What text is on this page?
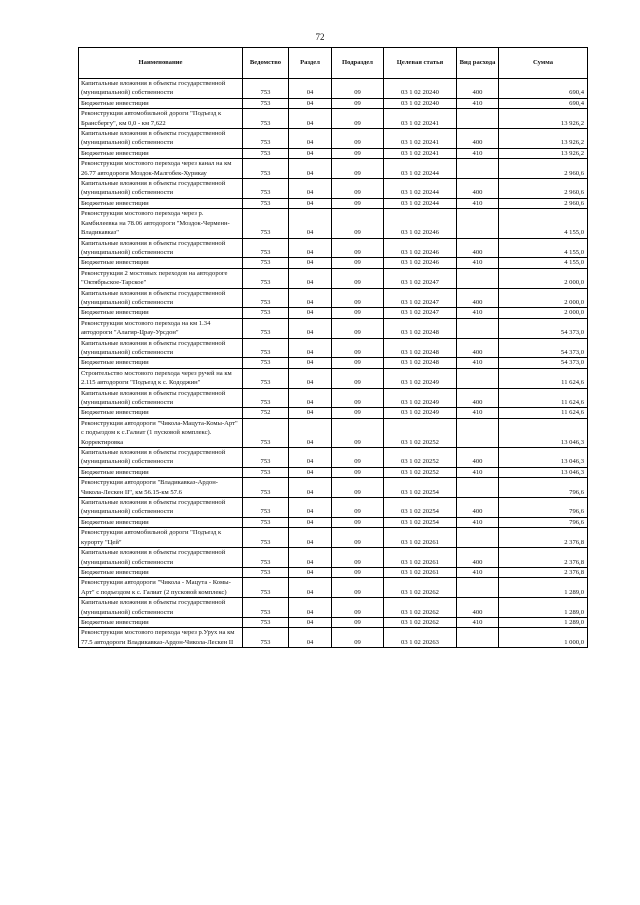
72
Наименование	Ведомство	Раздел	Подраздел	Целевая статья	Вид расхода	Сумма
Капитальные вложения в объекты государственной (муниципальной) собственности	753	04	09	03 1 02 20240	400	690,4
Бюджетные инвестиции	753	04	09	03 1 02 20240	410	690,4
Реконструкция автомобильной дороги "Подъезд к Брансбергу", км 0,0 - км 7,622	753	04	09	03 1 02 20241		13 926,2
Капитальные вложения в объекты государственной (муниципальной) собственности	753	04	09	03 1 02 20241	400	13 926,2
Бюджетные инвестиции	753	04	09	03 1 02 20241	410	13 926,2
Реконструкция мостового перехода через канал на км 26.77 автодороги Моздок-Малгобек-Хурикау	753	04	09	03 1 02 20244		2 960,6
Капитальные вложения в объекты государственной (муниципальной) собственности	753	04	09	03 1 02 20244	400	2 960,6
Бюджетные инвестиции	753	04	09	03 1 02 20244	410	2 960,6
Реконструкция мостового перехода через р. Камбилеевка на 78.06 автодороги "Моздок-Черменн-Владикавказ"	753	04	09	03 1 02 20246		4 155,0
Капитальные вложения в объекты государственной (муниципальной) собственности	753	04	09	03 1 02 20246	400	4 155,0
Бюджетные инвестиции	753	04	09	03 1 02 20246	410	4 155,0
Реконструкция 2 мостовых переходов на автодороге "Октябрьское-Тарское"	753	04	09	03 1 02 20247		2 000,0
Капитальные вложения в объекты государственной (муниципальной) собственности	753	04	09	03 1 02 20247	400	2 000,0
Бюджетные инвестиции	753	04	09	03 1 02 20247	410	2 000,0
Реконструкция мостового перехода на км 1.34 автодороги "Алагир-Црау-Урсдон"	753	04	09	03 1 02 20248		54 373,0
Капитальные вложения в объекты государственной (муниципальной) собственности	753	04	09	03 1 02 20248	400	54 373,0
Бюджетные инвестиции	753	04	09	03 1 02 20248	410	54 373,0
Строительство мостового перехода через ручей на км 2.115 автодороги "Подъезд к с. Кододжин"	753	04	09	03 1 02 20249		11 624,6
Капитальные вложения в объекты государственной (муниципальной) собственности	753	04	09	03 1 02 20249	400	11 624,6
Бюджетные инвестиции	752	04	09	03 1 02 20249	410	11 624,6
Реконструкция автодороги "Чиколa-Мацута-Комы-Арт" с подъездом к с.Галиат (1 пусковой комплекс). Корректировка	753	04	09	03 1 02 20252		13 046,3
Капитальные вложения в объекты государственной (муниципальной) собственности	753	04	09	03 1 02 20252	400	13 046,3
Бюджетные инвестиции	753	04	09	03 1 02 20252	410	13 046,3
Реконструкция автодороги "Владикавказ-Ардон-Чиколa-Лескен II", км 56.15-км 57.6	753	04	09	03 1 02 20254		796,6
Капитальные вложения в объекты государственной (муниципальной) собственности	753	04	09	03 1 02 20254	400	796,6
Бюджетные инвестиции	753	04	09	03 1 02 20254	410	796,6
Реконструкция автомобильной дороги "Подъезд к курорту "Цей"	753	04	09	03 1 02 20261		2 376,8
Капитальные вложения в объекты государственной (муниципальной) собственности	753	04	09	03 1 02 20261	400	2 376,8
Бюджетные инвестиции	753	04	09	03 1 02 20261	410	2 376,8
Реконструкция автодороги "Чикола - Мацута - Комы-Арт" с подъездом к с. Галиат (2 пусковой комплекс)	753	04	09	03 1 02 20262		1 289,0
Капитальные вложения в объекты государственной (муниципальной) собственности	753	04	09	03 1 02 20262	400	1 289,0
Бюджетные инвестиции	753	04	09	03 1 02 20262	410	1 289,0
Реконструкция мостового перехода через р.Урух на км 77.5 автодороги Владикавказ-Ардон-Чикола-Лескен II	753	04	09	03 1 02 20263		1 000,0
